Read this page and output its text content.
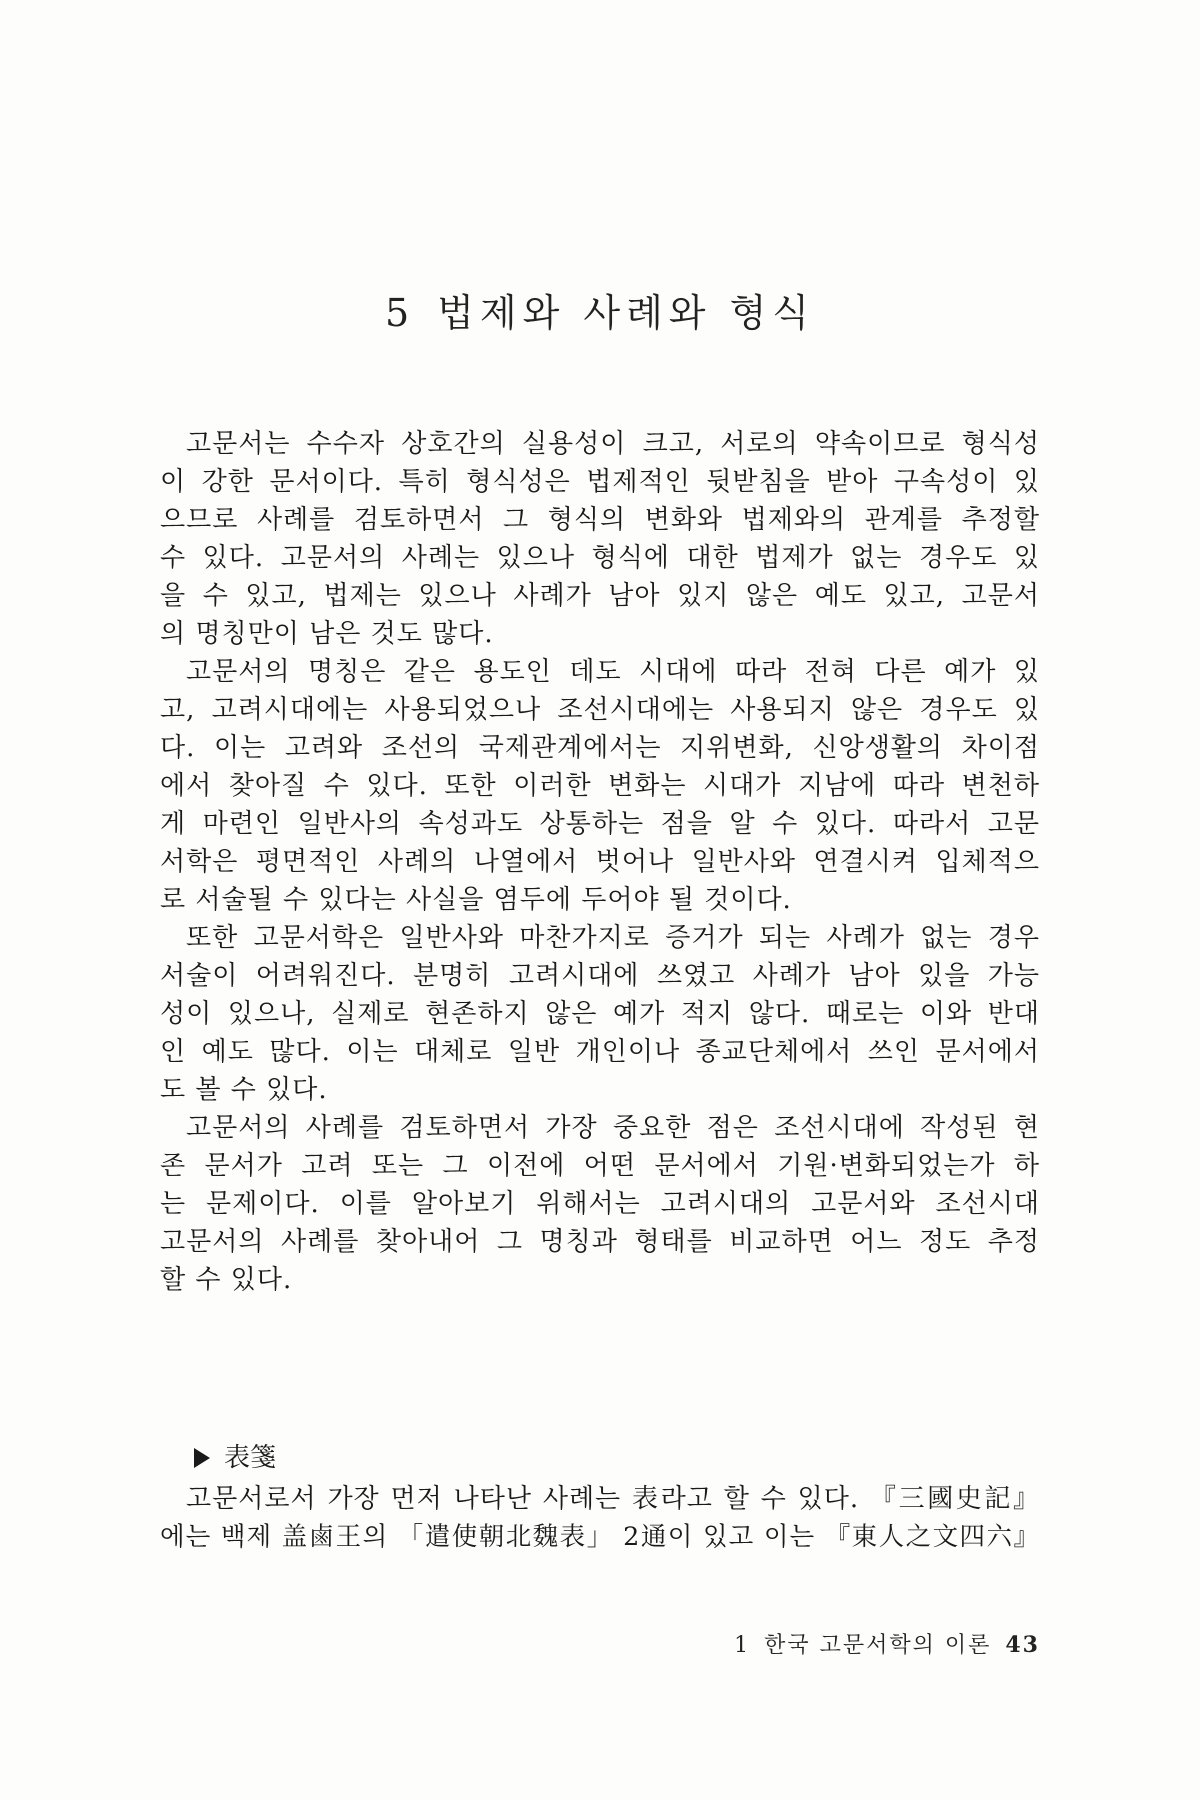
5 법제와 사례와 형식
고문서는 수수자 상호간의 실용성이 크고, 서로의 약속이므로 형식성
이 강한 문서이다. 특히 형식성은 법제적인 뒷받침을 받아 구속성이 있
으므로 사례를 검토하면서 그 형식의 변화와 법제와의 관계를 추정할
수 있다. 고문서의 사례는 있으나 형식에 대한 법제가 없는 경우도 있
을 수 있고, 법제는 있으나 사례가 남아 있지 않은 예도 있고, 고문서
의 명칭만이 남은 것도 많다.
고문서의 명칭은 같은 용도인 데도 시대에 따라 전혀 다른 예가 있
고, 고려시대에는 사용되었으나 조선시대에는 사용되지 않은 경우도 있
다. 이는 고려와 조선의 국제관계에서는 지위변화, 신앙생활의 차이점
에서 찾아질 수 있다. 또한 이러한 변화는 시대가 지남에 따라 변천하
게 마련인 일반사의 속성과도 상통하는 점을 알 수 있다. 따라서 고문
서학은 평면적인 사례의 나열에서 벗어나 일반사와 연결시켜 입체적으
로 서술될 수 있다는 사실을 염두에 두어야 될 것이다.
또한 고문서학은 일반사와 마찬가지로 증거가 되는 사례가 없는 경우
서술이 어려워진다. 분명히 고려시대에 쓰였고 사례가 남아 있을 가능
성이 있으나, 실제로 현존하지 않은 예가 적지 않다. 때로는 이와 반대
인 예도 많다. 이는 대체로 일반 개인이나 종교단체에서 쓰인 문서에서
도 볼 수 있다.
고문서의 사례를 검토하면서 가장 중요한 점은 조선시대에 작성된 현
존 문서가 고려 또는 그 이전에 어떤 문서에서 기원·변화되었는가 하
는 문제이다. 이를 알아보기 위해서는 고려시대의 고문서와 조선시대
고문서의 사례를 찾아내어 그 명칭과 형태를 비교하면 어느 정도 추정
할 수 있다.
表箋
고문서로서 가장 먼저 나타난 사례는 表라고 할 수 있다. 『三國史記』
에는 백제 盖鹵王의 「遣使朝北魏表」 2通이 있고 이는 『東人之文四六』
1 한국 고문서학의 이론 43
